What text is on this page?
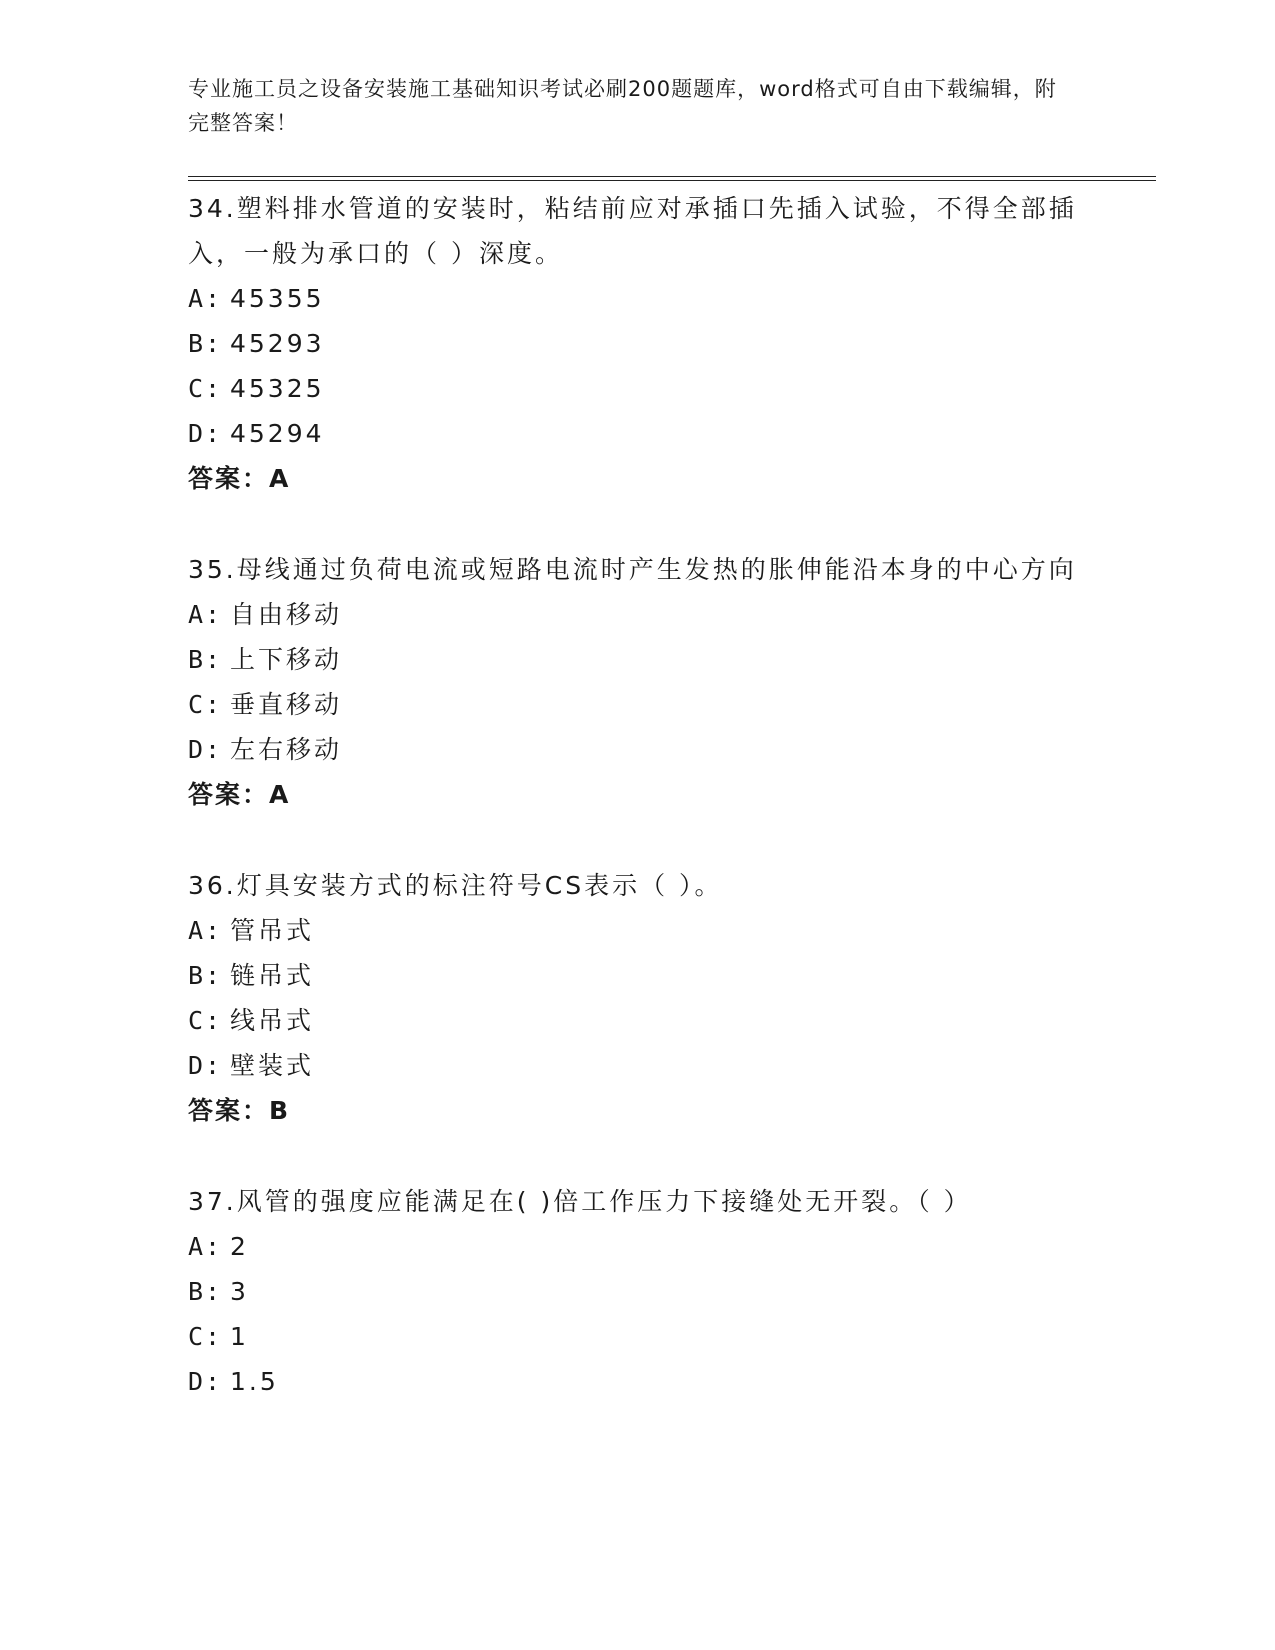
专业施工员之设备安装施工基础知识考试必刷200题题库，word格式可自由下载编辑，附完整答案！

34.塑料排水管道的安装时，粘结前应对承插口先插入试验，不得全部插入，一般为承口的（ ）深度。

A: 45355
B: 45293
C: 45325
D: 45294
答案：A

35.母线通过负荷电流或短路电流时产生发热的胀伸能沿本身的中心方向

A: 自由移动
B: 上下移动
C: 垂直移动
D: 左右移动
答案：A

36.灯具安装方式的标注符号CS表示（ ）。

A: 管吊式
B: 链吊式
C: 线吊式
D: 壁装式
答案：B

37.风管的强度应能满足在( )倍工作压力下接缝处无开裂。（ ）

A: 2
B: 3
C: 1
D: 1.5
